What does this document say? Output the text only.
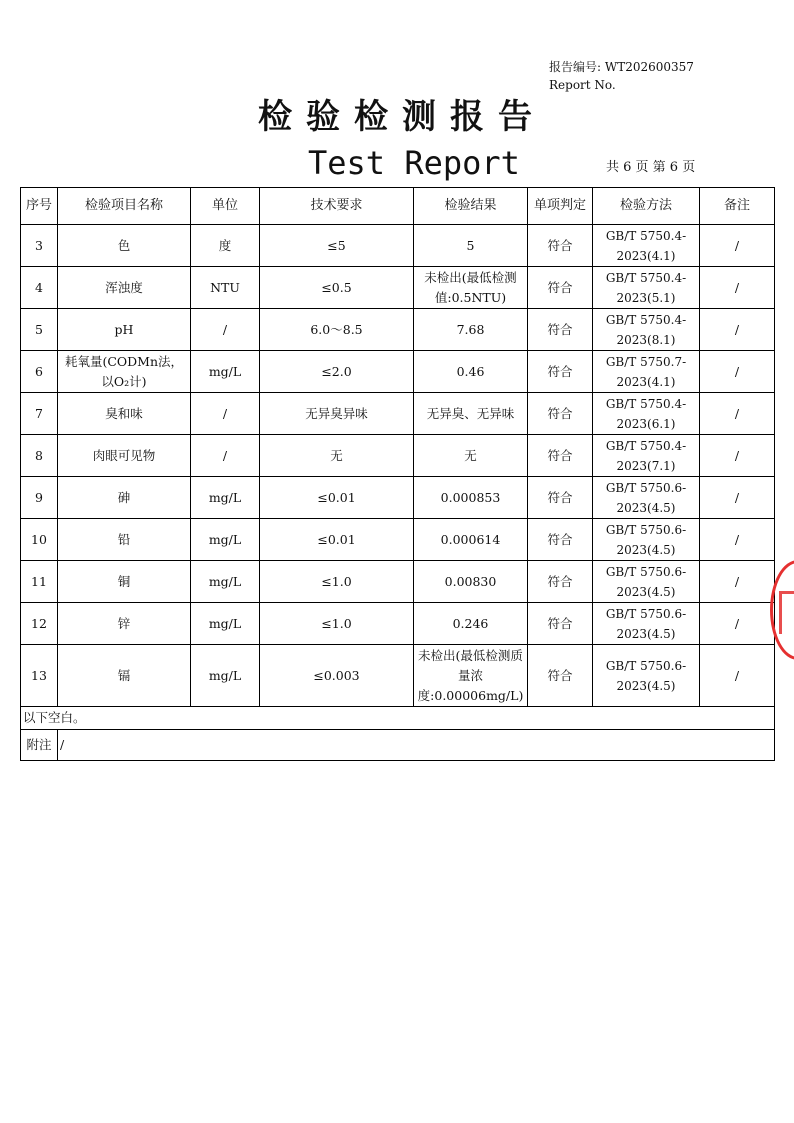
报告编号: WT202600357
Report No.
检验检测报告
Test Report	共 6 页 第 6 页
序号	检验项目名称	单位	技术要求	检验结果	单项判定	检验方法	备注
3	色	度	≤5	5	符合	GB/T 5750.4-2023(4.1)	/
4	浑浊度	NTU	≤0.5	未检出(最低检测值:0.5NTU)	符合	GB/T 5750.4-2023(5.1)	/
5	pH	/	6.0～8.5	7.68	符合	GB/T 5750.4-2023(8.1)	/
6	耗氧量(CODMn法，以O₂计)	mg/L	≤2.0	0.46	符合	GB/T 5750.7-2023(4.1)	/
7	臭和味	/	无异臭异味	无异臭、无异味	符合	GB/T 5750.4-2023(6.1)	/
8	肉眼可见物	/	无	无	符合	GB/T 5750.4-2023(7.1)	/
9	砷	mg/L	≤0.01	0.000853	符合	GB/T 5750.6-2023(4.5)	/
10	铅	mg/L	≤0.01	0.000614	符合	GB/T 5750.6-2023(4.5)	/
11	铜	mg/L	≤1.0	0.00830	符合	GB/T 5750.6-2023(4.5)	/
12	锌	mg/L	≤1.0	0.246	符合	GB/T 5750.6-2023(4.5)	/
13	镉	mg/L	≤0.003	未检出(最低检测质量浓度:0.00006mg/L)	符合	GB/T 5750.6-2023(4.5)	/
以下空白。							
附注	/						
